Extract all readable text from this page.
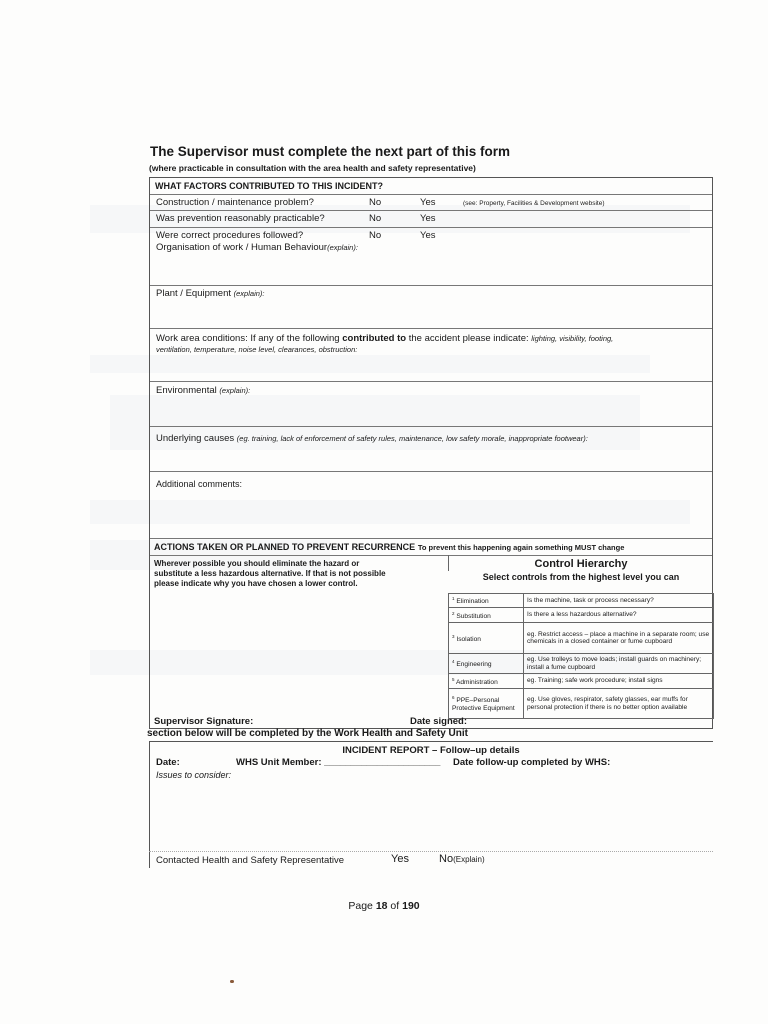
The Supervisor must complete the next part of this form
(where practicable in consultation with the area health and safety representative)
WHAT FACTORS CONTRIBUTED TO THIS INCIDENT?
Construction / maintenance problem?	No	Yes	(see: Property, Facilities & Development website)
Was prevention reasonably practicable?	No	Yes
Were correct procedures followed?	No	Yes
Organisation of work / Human Behaviour(explain):
Plant / Equipment (explain):
Work area conditions: If any of the following contributed to the accident please indicate: lighting, visibility, footing,
ventilation, temperature, noise level, clearances, obstruction:
Environmental (explain):
Underlying causes (eg. training, lack of enforcement of safety rules, maintenance, low safety morale, inappropriate footwear):
Additional comments:
ACTIONS TAKEN OR PLANNED TO PREVENT RECURRENCE To prevent this happening again something MUST change
Wherever possible you should eliminate the hazard or
substitute a less hazardous alternative. If that is not possible
please indicate why you have chosen a lower control.
Control Hierarchy
Select controls from the highest level you can
$^1$ Elimination	Is the machine, task or process necessary?
$^2$ Substitution	Is there a less hazardous alternative?
$^3$ Isolation	eg. Restrict access – place a machine in a separate room; use chemicals in a closed container or fume cupboard
$^4$ Engineering	eg. Use trolleys to move loads; install guards on machinery; install a fume cupboard
$^5$ Administration	eg. Training; safe work procedure; install signs
$^6$ PPE–Personal Protective Equipment	eg. Use gloves, respirator, safety glasses, ear muffs for personal protection if there is no better option available
Supervisor Signature:	Date signed:
section below will be completed by the Work Health and Safety Unit
INCIDENT REPORT – Follow–up details
Date:	WHS Unit Member: ______________________ Date follow-up completed by WHS:
Issues to consider:
Contacted Health and Safety Representative	Yes	No(Explain)
Page 18 of 190
